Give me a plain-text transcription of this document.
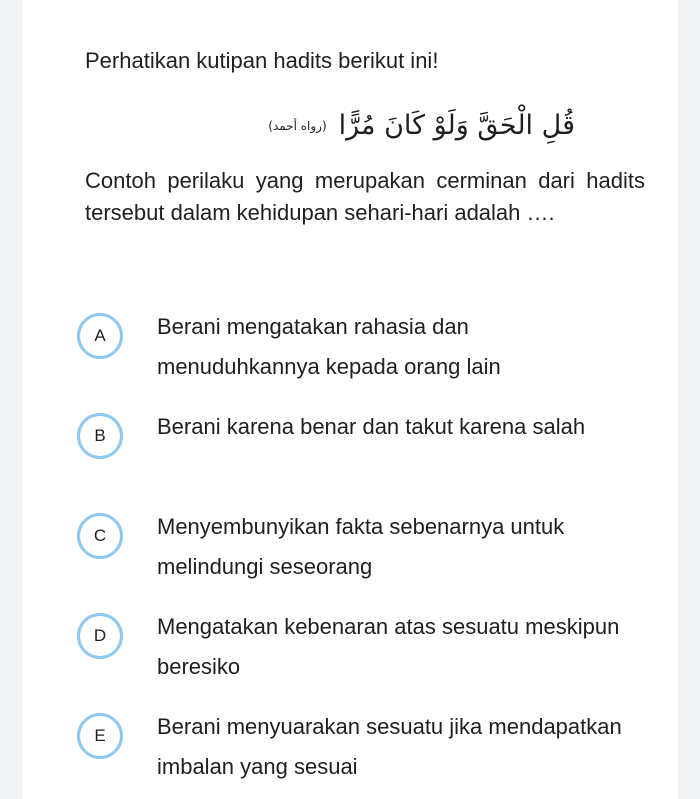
Perhatikan kutipan hadits berikut ini!

قُلِ الْحَقَّ وَلَوْ كَانَ مُرًّا
(رواه أحمد)

Contoh perilaku yang merupakan cerminan dari hadits tersebut dalam kehidupan sehari-hari adalah ….

A	Berani mengatakan rahasia dan menuduhkannya kepada orang lain
B	Berani karena benar dan takut karena salah
C	Menyembunyikan fakta sebenarnya untuk melindungi seseorang
D	Mengatakan kebenaran atas sesuatu meskipun beresiko
E	Berani menyuarakan sesuatu jika mendapatkan imbalan yang sesuai
